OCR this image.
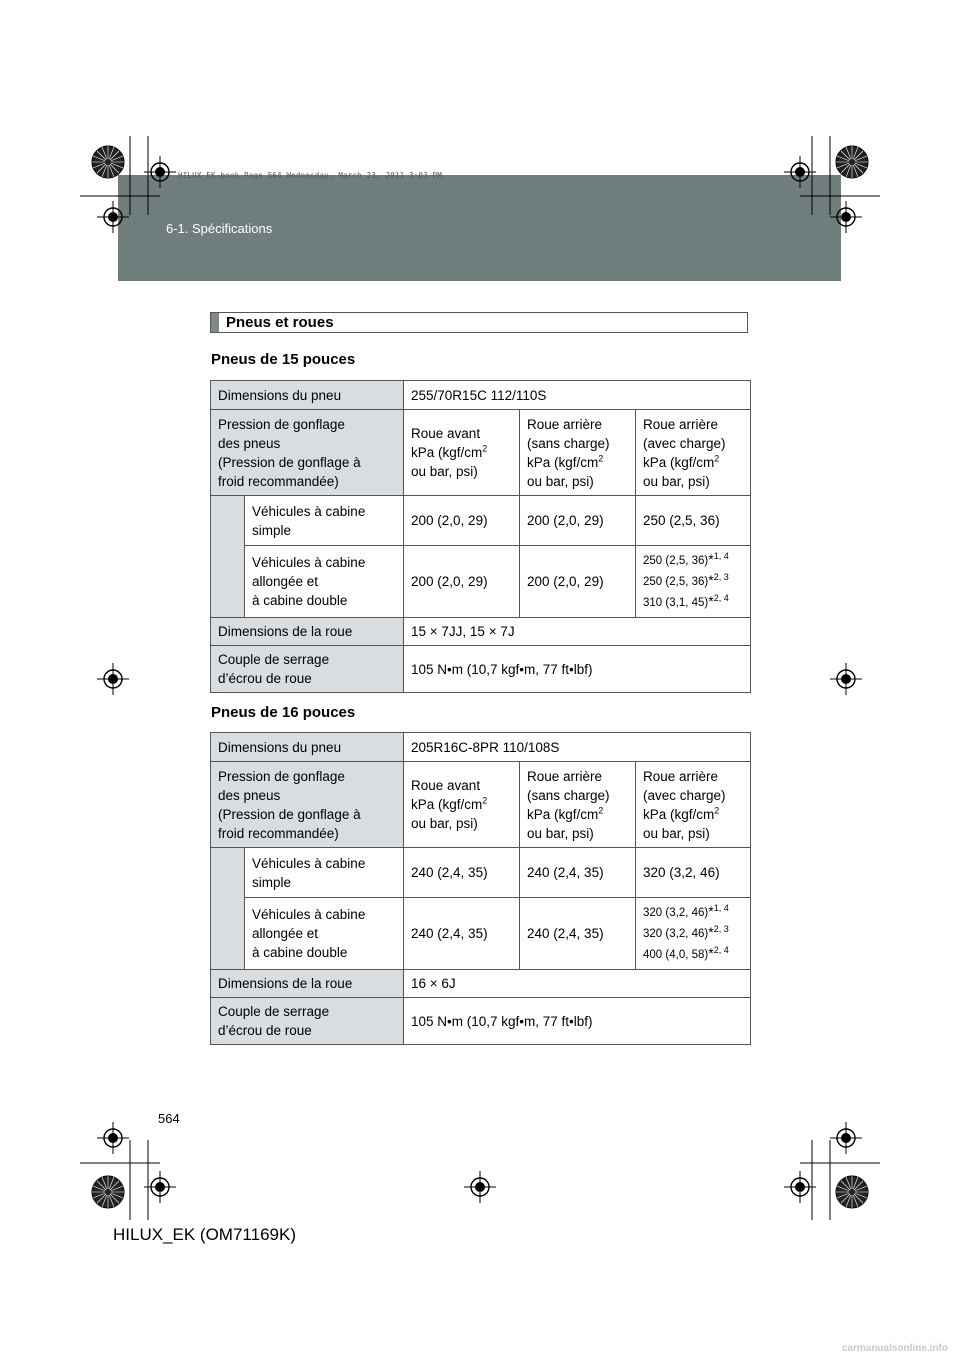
6-1. Spécifications
HILUX_EK.book Page 564 Wednesday, March 23, 2011 3:03 PM
Pneus et roues
Pneus de 15 pouces
Dimensions du pneu		255/70R15C 112/110S		
Pression de gonflage
des pneus
(Pression de gonflage à
froid recommandée)		Roue avant
kPa ($kgf/cm^2$
ou bar, psi)	Roue arrière
(sans charge)
kPa ($kgf/cm^2$
ou bar, psi)	Roue arrière
(avec charge)
kPa ($kgf/cm^2$
ou bar, psi)
	Véhicules à cabine
simple	200 (2,0, 29)	200 (2,0, 29)	250 (2,5, 36)
	Véhicules à cabine
allongée et
à cabine double	200 (2,0, 29)	200 (2,0, 29)	250 (2,5, 36)*$^{1, 4}$
250 (2,5, 36)*$^{2, 3}$
310 (3,1, 45)*$^{2, 4}$
Dimensions de la roue		15 × 7JJ, 15 × 7J		
Couple de serrage
d’écrou de roue		105 N•m (10,7 kgf•m, 77 ft•lbf)		
Pneus de 16 pouces
Dimensions du pneu		205R16C-8PR 110/108S		
Pression de gonflage
des pneus
(Pression de gonflage à
froid recommandée)		Roue avant
kPa ($kgf/cm^2$
ou bar, psi)	Roue arrière
(sans charge)
kPa ($kgf/cm^2$
ou bar, psi)	Roue arrière
(avec charge)
kPa ($kgf/cm^2$
ou bar, psi)
	Véhicules à cabine
simple	240 (2,4, 35)	240 (2,4, 35)	320 (3,2, 46)
	Véhicules à cabine
allongée et
à cabine double	240 (2,4, 35)	240 (2,4, 35)	320 (3,2, 46)*$^{1, 4}$
320 (3,2, 46)*$^{2, 3}$
400 (4,0, 58)*$^{2, 4}$
Dimensions de la roue		16 × 6J		
Couple de serrage
d’écrou de roue		105 N•m (10,7 kgf•m, 77 ft•lbf)		
564
HILUX_EK (OM71169K)
carmanualsonline.info
